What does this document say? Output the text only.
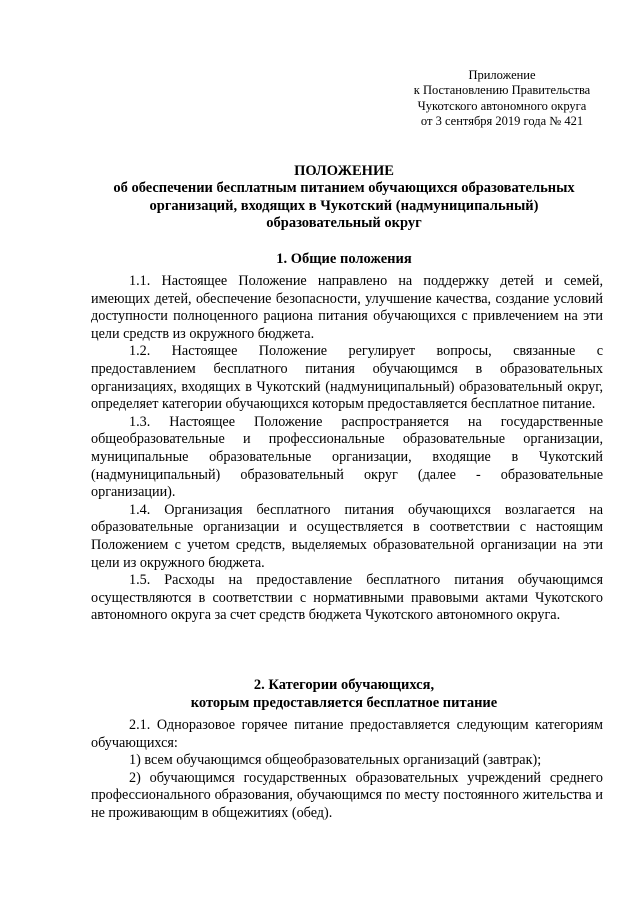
Приложение
к Постановлению Правительства
Чукотского автономного округа
от 3 сентября 2019 года № 421
ПОЛОЖЕНИЕ
об обеспечении бесплатным питанием обучающихся образовательных
организаций, входящих в Чукотский (надмуниципальный)
образовательный округ
1. Общие положения

1.1. Настоящее Положение направлено на поддержку детей и семей, имеющих детей, обеспечение безопасности, улучшение качества, создание условий доступности полноценного рациона питания обучающихся с привлечением на эти цели средств из окружного бюджета.

1.2. Настоящее Положение регулирует вопросы, связанные с предоставлением бесплатного питания обучающимся в образовательных организациях, входящих в Чукотский (надмуниципальный) образовательный округ, определяет категории обучающихся которым предоставляется бесплатное питание.

1.3. Настоящее Положение распространяется на государственные общеобразовательные и профессиональные образовательные организации, муниципальные образовательные организации, входящие в Чукотский (надмуниципальный) образовательный округ (далее - образовательные организации).

1.4. Организация бесплатного питания обучающихся возлагается на образовательные организации и осуществляется в соответствии с настоящим Положением с учетом средств, выделяемых образовательной организации на эти цели из окружного бюджета.

1.5. Расходы на предоставление бесплатного питания обучающимся осуществляются в соответствии с нормативными правовыми актами Чукотского автономного округа за счет средств бюджета Чукотского автономного округа.

2. Категории обучающихся,
которым предоставляется бесплатное питание

2.1. Одноразовое горячее питание предоставляется следующим категориям обучающихся:

1) всем обучающимся общеобразовательных организаций (завтрак);

2) обучающимся государственных образовательных учреждений среднего профессионального образования, обучающимся по месту постоянного жительства и не проживающим в общежитиях (обед).
